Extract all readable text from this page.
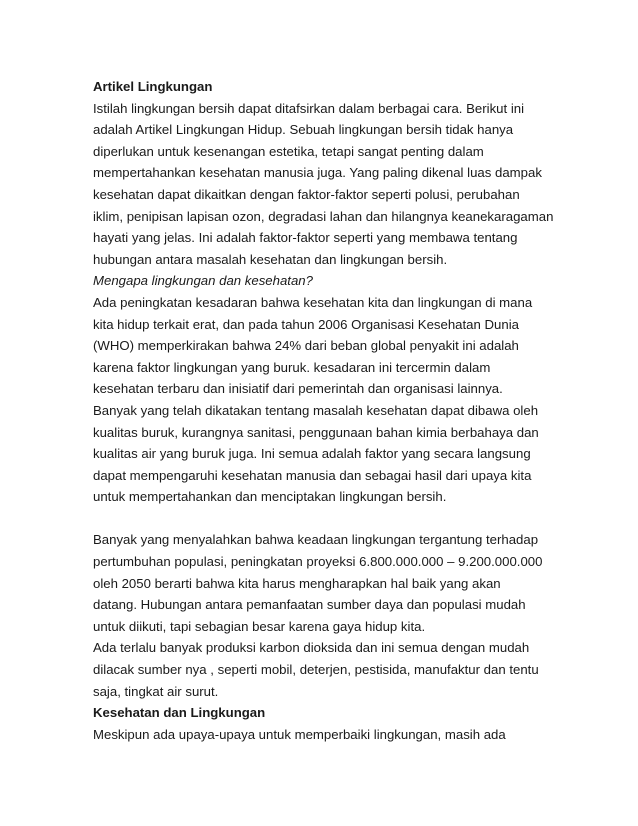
Artikel Lingkungan
Istilah lingkungan bersih dapat ditafsirkan dalam berbagai cara. Berikut ini
adalah Artikel Lingkungan Hidup. Sebuah lingkungan bersih tidak hanya
diperlukan untuk kesenangan estetika, tetapi sangat penting dalam
mempertahankan kesehatan manusia juga. Yang paling dikenal luas dampak
kesehatan dapat dikaitkan dengan faktor-faktor seperti polusi, perubahan
iklim, penipisan lapisan ozon, degradasi lahan dan hilangnya keanekaragaman
hayati yang jelas. Ini adalah faktor-faktor seperti yang membawa tentang
hubungan antara masalah kesehatan dan lingkungan bersih.
Mengapa lingkungan dan kesehatan?
Ada peningkatan kesadaran bahwa kesehatan kita dan lingkungan di mana
kita hidup terkait erat, dan pada tahun 2006 Organisasi Kesehatan Dunia
(WHO) memperkirakan bahwa 24% dari beban global penyakit ini adalah
karena faktor lingkungan yang buruk. kesadaran ini tercermin dalam
kesehatan terbaru dan inisiatif dari pemerintah dan organisasi lainnya.
Banyak yang telah dikatakan tentang masalah kesehatan dapat dibawa oleh
kualitas buruk, kurangnya sanitasi, penggunaan bahan kimia berbahaya dan
kualitas air yang buruk juga. Ini semua adalah faktor yang secara langsung
dapat mempengaruhi kesehatan manusia dan sebagai hasil dari upaya kita
untuk mempertahankan dan menciptakan lingkungan bersih.
Banyak yang menyalahkan bahwa keadaan lingkungan tergantung terhadap
pertumbuhan populasi, peningkatan proyeksi 6.800.000.000 – 9.200.000.000
oleh 2050 berarti bahwa kita harus mengharapkan hal baik yang akan
datang. Hubungan antara pemanfaatan sumber daya dan populasi mudah
untuk diikuti, tapi sebagian besar karena gaya hidup kita.
Ada terlalu banyak produksi karbon dioksida dan ini semua dengan mudah
dilacak sumber nya , seperti mobil, deterjen, pestisida, manufaktur dan tentu
saja, tingkat air surut.
Kesehatan dan Lingkungan
Meskipun ada upaya-upaya untuk memperbaiki lingkungan, masih ada
